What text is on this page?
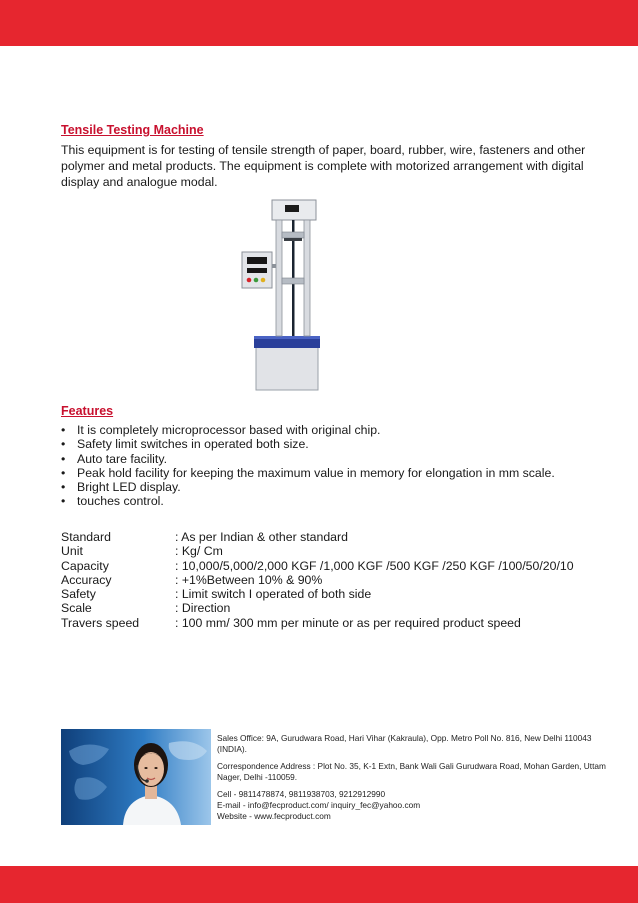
Tensile Testing Machine

This equipment is for testing of tensile strength of paper, board, rubber, wire, fasteners and other polymer and metal products. The equipment is complete with motorized arrangement with digital display and analogue modal.

Features
• It is completely microprocessor based with original chip.
• Safety limit switches in operated both size.
• Auto tare facility.
• Peak hold facility for keeping the maximum value in memory for elongation in mm scale.
• Bright LED display.
• touches control.
Standard	: As per Indian & other standard
Unit	: Kg/ Cm
Capacity	: 10,000/5,000/2,000 KGF /1,000 KGF /500 KGF /250 KGF /100/50/20/10
Accuracy	: +1%Between 10% & 90%
Safety	: Limit switch I operated of both side
Scale	: Direction
Travers speed	: 100 mm/ 300 mm per minute or as per required product speed

Sales Office: 9A, Gurudwara Road, Hari Vihar (Kakraula), Opp. Metro Poll No. 816, New Delhi 110043 (INDIA).

Correspondence Address : Plot No. 35, K-1 Extn, Bank Wali Gali Gurudwara Road, Mohan Garden, Uttam Nager, Delhi -110059.

Cell - 9811478874, 9811938703, 9212912990
E-mail - info@fecproduct.com/ inquiry_fec@yahoo.com
Website - www.fecproduct.com
